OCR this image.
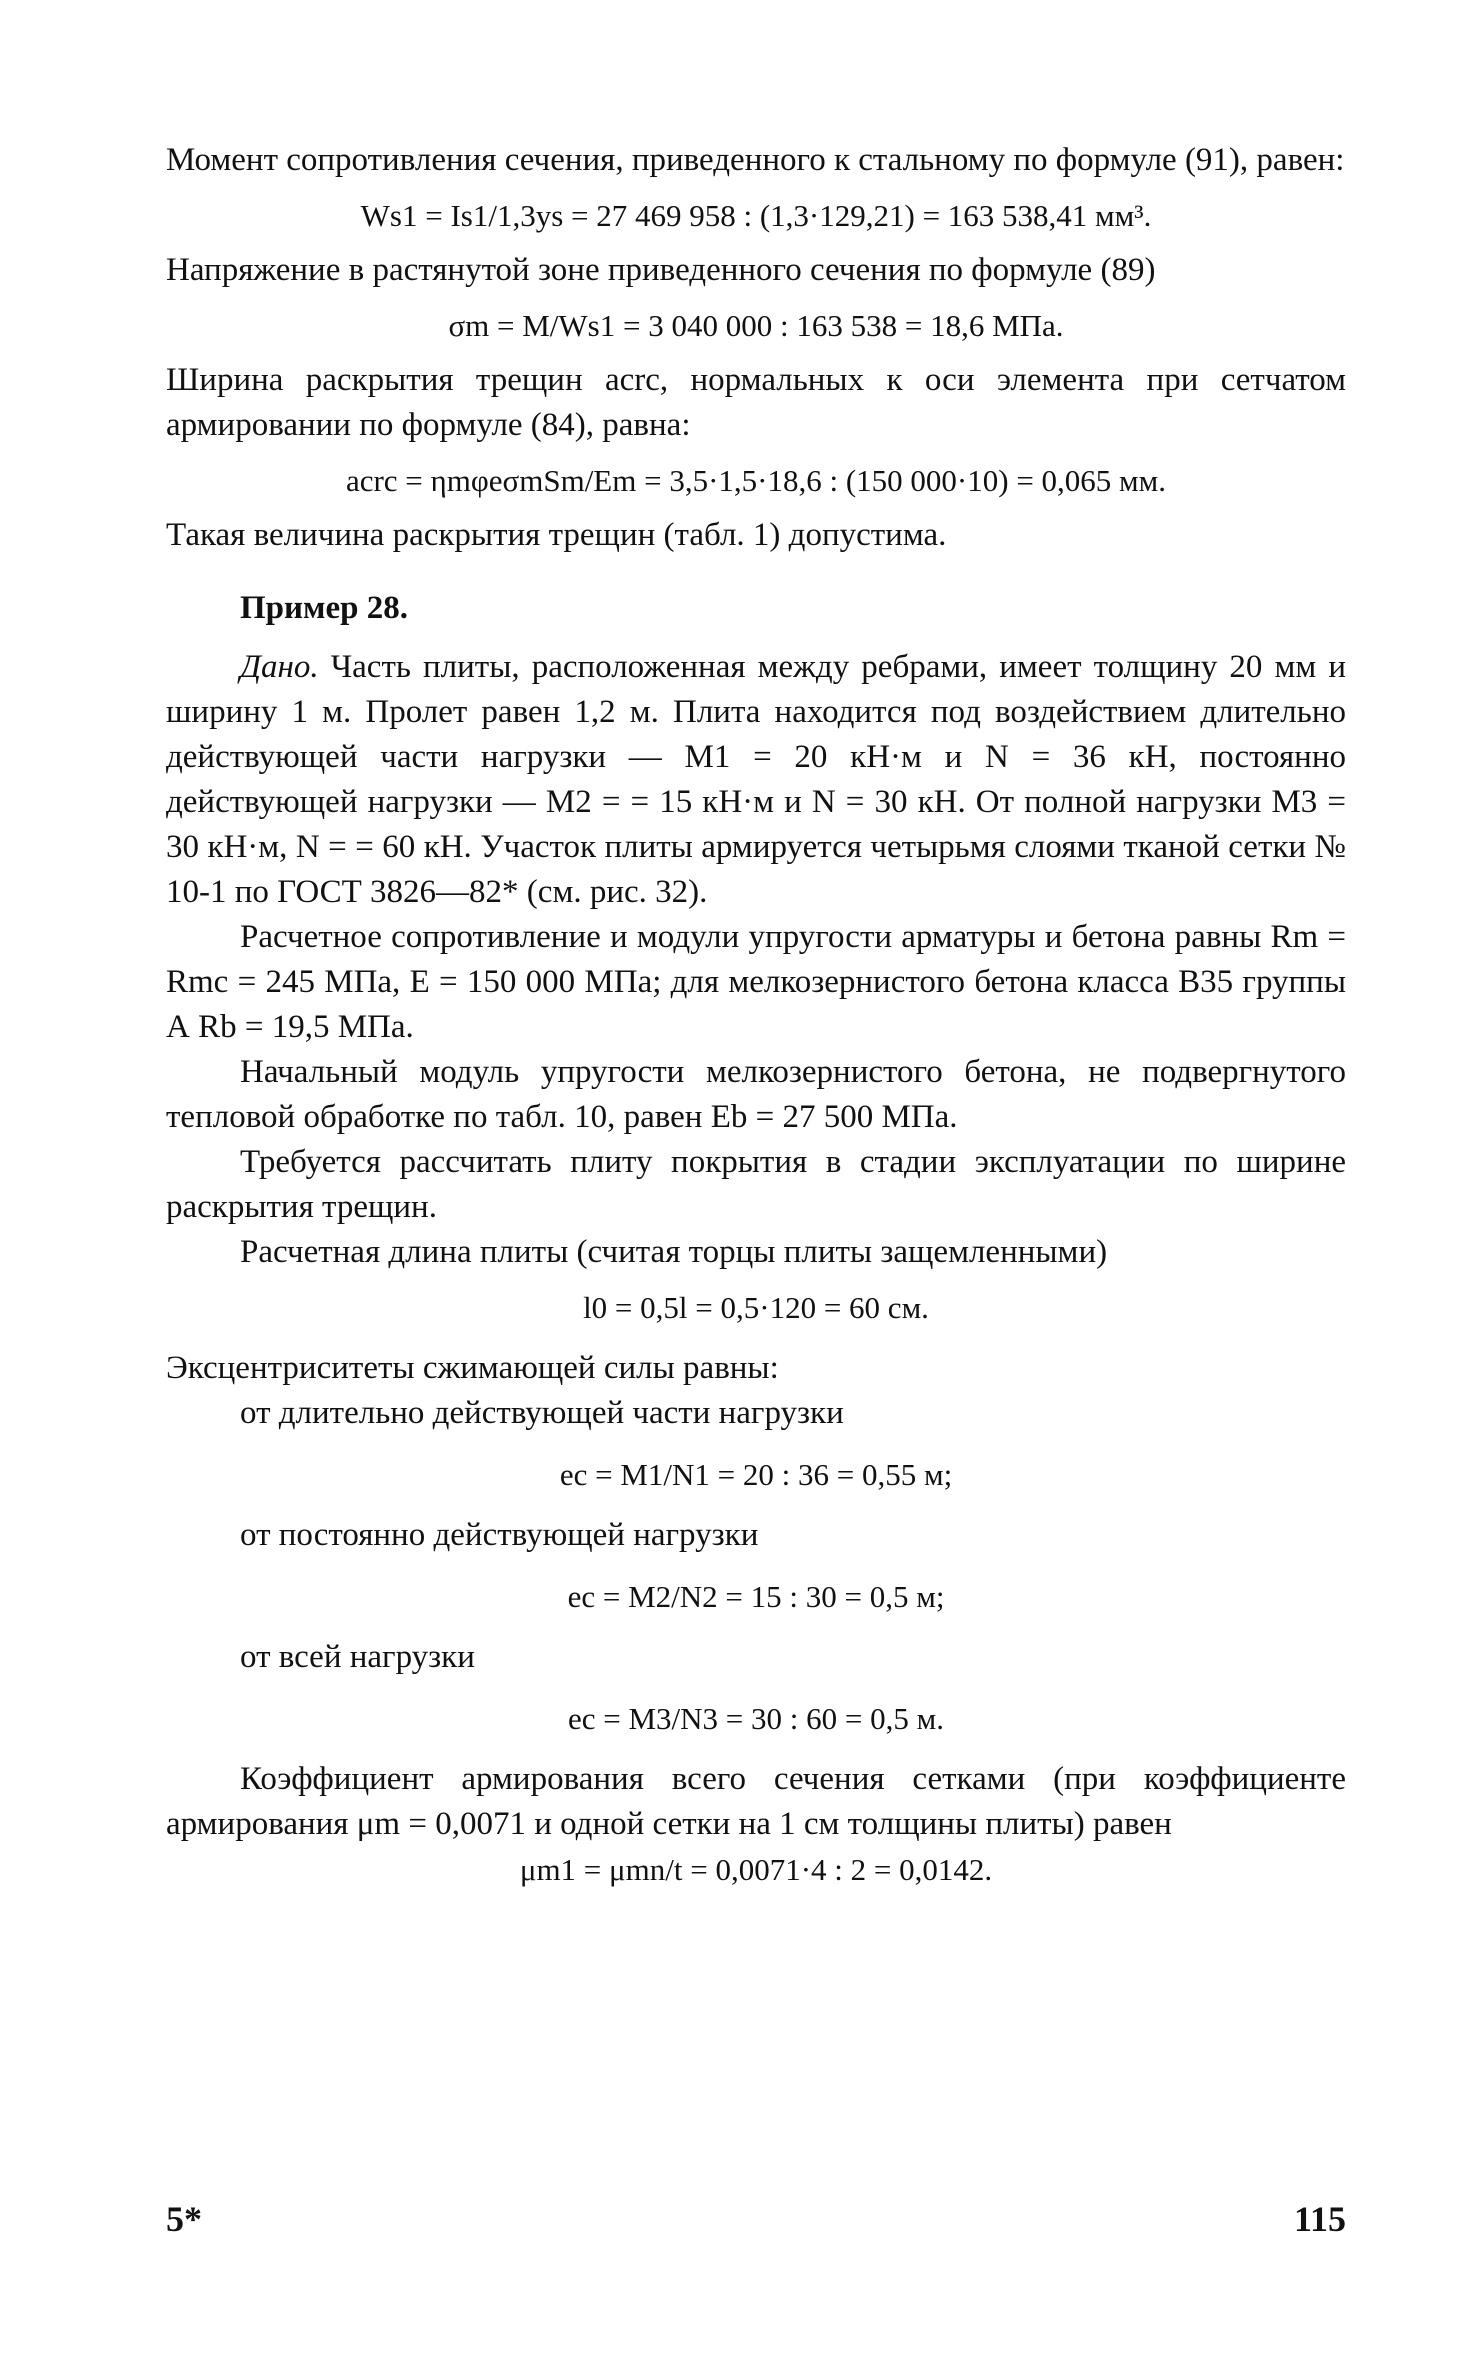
Момент сопротивления сечения, приведенного к стальному по формуле (91), равен:

Ws1 = Is1/1,3ys = 27 469 958 : (1,3·129,21) = 163 538,41 мм³.

Напряжение в растянутой зоне приведенного сечения по формуле (89)

σm = M/Ws1 = 3 040 000 : 163 538 = 18,6 МПа.

Ширина раскрытия трещин acrc, нормальных к оси элемента при сетчатом армировании по формуле (84), равна:

acrc = ηmφeσmSm/Em = 3,5·1,5·18,6 : (150 000·10) = 0,065 мм.

Такая величина раскрытия трещин (табл. 1) допустима.

Пример 28.

Дано. Часть плиты, расположенная между ребрами, имеет толщину 20 мм и ширину 1 м. Пролет равен 1,2 м. Плита находится под воздействием длительно действующей части нагрузки — M1 = 20 кН·м и N = 36 кН, постоянно действующей нагрузки — M2 = = 15 кН·м и N = 30 кН. От полной нагрузки M3 = 30 кН·м, N = = 60 кН. Участок плиты армируется четырьмя слоями тканой сетки № 10-1 по ГОСТ 3826—82* (см. рис. 32).

Расчетное сопротивление и модули упругости арматуры и бетона равны Rm = Rmc = 245 МПа, E = 150 000 МПа; для мелкозернистого бетона класса В35 группы А Rb = 19,5 МПа.

Начальный модуль упругости мелкозернистого бетона, не подвергнутого тепловой обработке по табл. 10, равен Eb = 27 500 МПа.

Требуется рассчитать плиту покрытия в стадии эксплуатации по ширине раскрытия трещин.

Расчетная длина плиты (считая торцы плиты защемленными)

l0 = 0,5l = 0,5·120 = 60 см.

Эксцентриситеты сжимающей силы равны:

от длительно действующей части нагрузки

ec = M1/N1 = 20 : 36 = 0,55 м;

от постоянно действующей нагрузки

ec = M2/N2 = 15 : 30 = 0,5 м;

от всей нагрузки

ec = M3/N3 = 30 : 60 = 0,5 м.

Коэффициент армирования всего сечения сетками (при коэффициенте армирования μm = 0,0071 и одной сетки на 1 см толщины плиты) равен

μm1 = μmn/t = 0,0071·4 : 2 = 0,0142.

5*	115
